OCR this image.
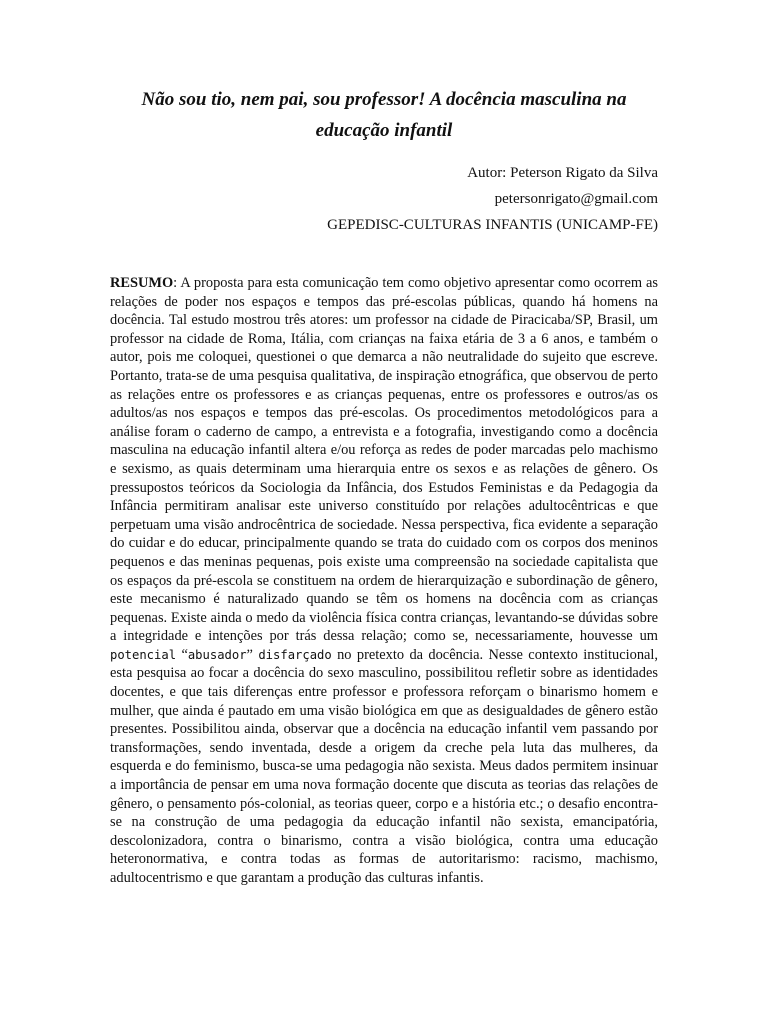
Não sou tio, nem pai, sou professor! A docência masculina na
educação infantil
Autor: Peterson Rigato da Silva
petersonrigato@gmail.com
GEPEDISC-CULTURAS INFANTIS (UNICAMP-FE)
RESUMO: A proposta para esta comunicação tem como objetivo apresentar como ocorrem as relações de poder nos espaços e tempos das pré-escolas públicas, quando há homens na docência. Tal estudo mostrou três atores: um professor na cidade de Piracicaba/SP, Brasil, um professor na cidade de Roma, Itália, com crianças na faixa etária de 3 a 6 anos, e também o autor, pois me coloquei, questionei o que demarca a não neutralidade do sujeito que escreve. Portanto, trata-se de uma pesquisa qualitativa, de inspiração etnográfica, que observou de perto as relações entre os professores e as crianças pequenas, entre os professores e outros/as os adultos/as nos espaços e tempos das pré-escolas. Os procedimentos metodológicos para a análise foram o caderno de campo, a entrevista e a fotografia, investigando como a docência masculina na educação infantil altera e/ou reforça as redes de poder marcadas pelo machismo e sexismo, as quais determinam uma hierarquia entre os sexos e as relações de gênero. Os pressupostos teóricos da Sociologia da Infância, dos Estudos Feministas e da Pedagogia da Infância permitiram analisar este universo constituído por relações adultocêntricas e que perpetuam uma visão androcêntrica de sociedade. Nessa perspectiva, fica evidente a separação do cuidar e do educar, principalmente quando se trata do cuidado com os corpos dos meninos pequenos e das meninas pequenas, pois existe uma compreensão na sociedade capitalista que os espaços da pré-escola se constituem na ordem de hierarquização e subordinação de gênero, este mecanismo é naturalizado quando se têm os homens na docência com as crianças pequenas. Existe ainda o medo da violência física contra crianças, levantando-se dúvidas sobre a integridade e intenções por trás dessa relação; como se, necessariamente, houvesse um potencial “abusador” disfarçado no pretexto da docência. Nesse contexto institucional, esta pesquisa ao focar a docência do sexo masculino, possibilitou refletir sobre as identidades docentes, e que tais diferenças entre professor e professora reforçam o binarismo homem e mulher, que ainda é pautado em uma visão biológica em que as desigualdades de gênero estão presentes. Possibilitou ainda, observar que a docência na educação infantil vem passando por transformações, sendo inventada, desde a origem da creche pela luta das mulheres, da esquerda e do feminismo, busca-se uma pedagogia não sexista. Meus dados permitem insinuar a importância de pensar em uma nova formação docente que discuta as teorias das relações de gênero, o pensamento pós-colonial, as teorias queer, corpo e a história etc.; o desafio encontra-se na construção de uma pedagogia da educação infantil não sexista, emancipatória, descolonizadora, contra o binarismo, contra a visão biológica, contra uma educação heteronormativa, e contra todas as formas de autoritarismo: racismo, machismo, adultocentrismo e que garantam a produção das culturas infantis.
